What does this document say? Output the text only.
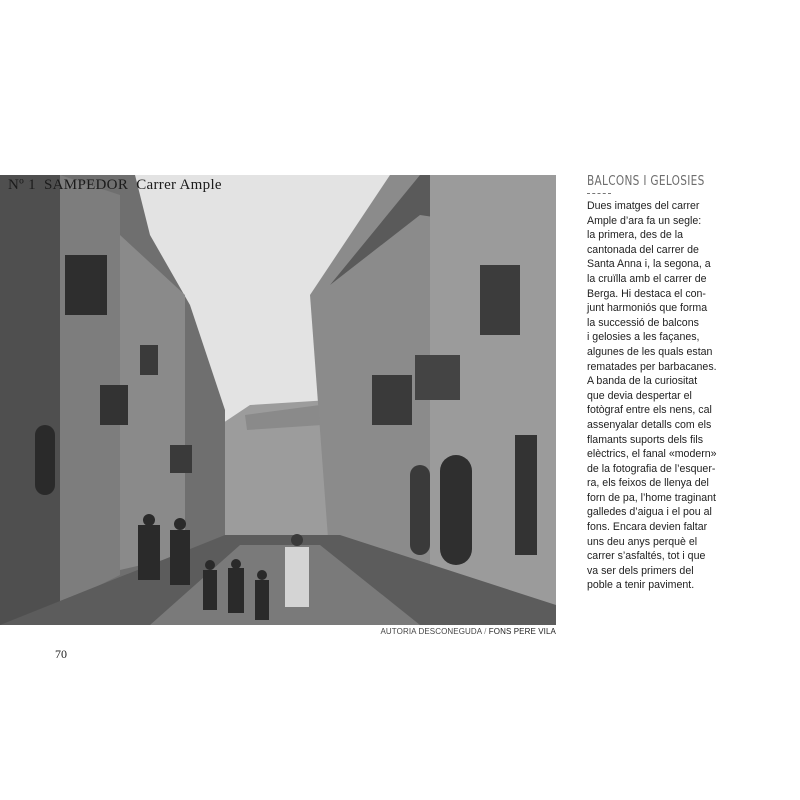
Nº 1  SAMPEDOR  Carrer Ample
AUTORIA DESCONEGUDA / FONS PERE VILA
70
BALCONS I GELOSIES
Dues imatges del carrer
Ample d’ara fa un segle:
la primera, des de la
cantonada del carrer de
Santa Anna i, la segona, a
la cruïlla amb el carrer de
Berga. Hi destaca el con-
junt harmoniós que forma
la successió de balcons
i gelosies a les façanes,
algunes de les quals estan
rematades per barbacanes.
A banda de la curiositat
que devia despertar el
fotògraf entre els nens, cal
assenyalar detalls com els
flamants suports dels fils
elèctrics, el fanal «modern»
de la fotografia de l’esquer-
ra, els feixos de llenya del
forn de pa, l’home traginant
galledes d’aigua i el pou al
fons. Encara devien faltar
uns deu anys perquè el
carrer s’asfaltés, tot i que
va ser dels primers del
poble a tenir paviment.
